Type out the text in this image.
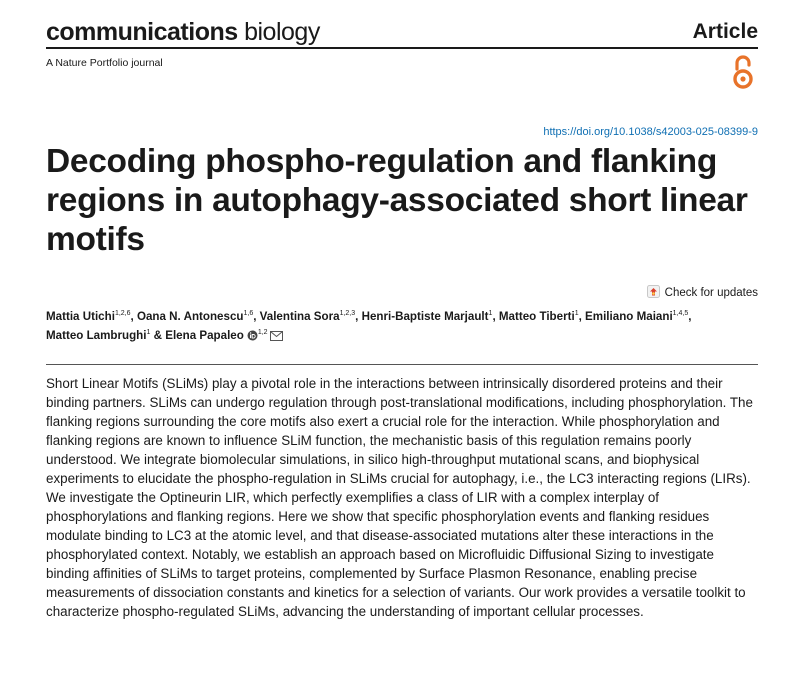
communications biology	Article
A Nature Portfolio journal
https://doi.org/10.1038/s42003-025-08399-9
Decoding phospho-regulation and flanking regions in autophagy-associated short linear motifs
Check for updates
Mattia Utichi$^{1,2,6}$, Oana N. Antonescu$^{1,6}$, Valentina Sora$^{1,2,3}$, Henri-Baptiste Marjault$^1$, Matteo Tiberti$^1$, Emiliano Maiani$^{1,4,5}$, Matteo Lambrughi$^1$ & Elena Papaleo $^{1,2}$

Short Linear Motifs (SLiMs) play a pivotal role in the interactions between intrinsically disordered proteins and their binding partners. SLiMs can undergo regulation through post-translational modifications, including phosphorylation. The flanking regions surrounding the core motifs also exert a crucial role for the interaction. While phosphorylation and flanking regions are known to influence SLiM function, the mechanistic basis of this regulation remains poorly understood. We integrate biomolecular simulations, in silico high-throughput mutational scans, and biophysical experiments to elucidate the phospho-regulation in SLiMs crucial for autophagy, i.e., the LC3 interacting regions (LIRs). We investigate the Optineurin LIR, which perfectly exemplifies a class of LIR with a complex interplay of phosphorylations and flanking regions. Here we show that specific phosphorylation events and flanking residues modulate binding to LC3 at the atomic level, and that disease-associated mutations alter these interactions in the phosphorylated context. Notably, we establish an approach based on Microfluidic Diffusional Sizing to investigate binding affinities of SLiMs to target proteins, complemented by Surface Plasmon Resonance, enabling precise measurements of dissociation constants and kinetics for a selection of variants. Our work provides a versatile toolkit to characterize phospho-regulated SLiMs, advancing the understanding of important cellular processes.
